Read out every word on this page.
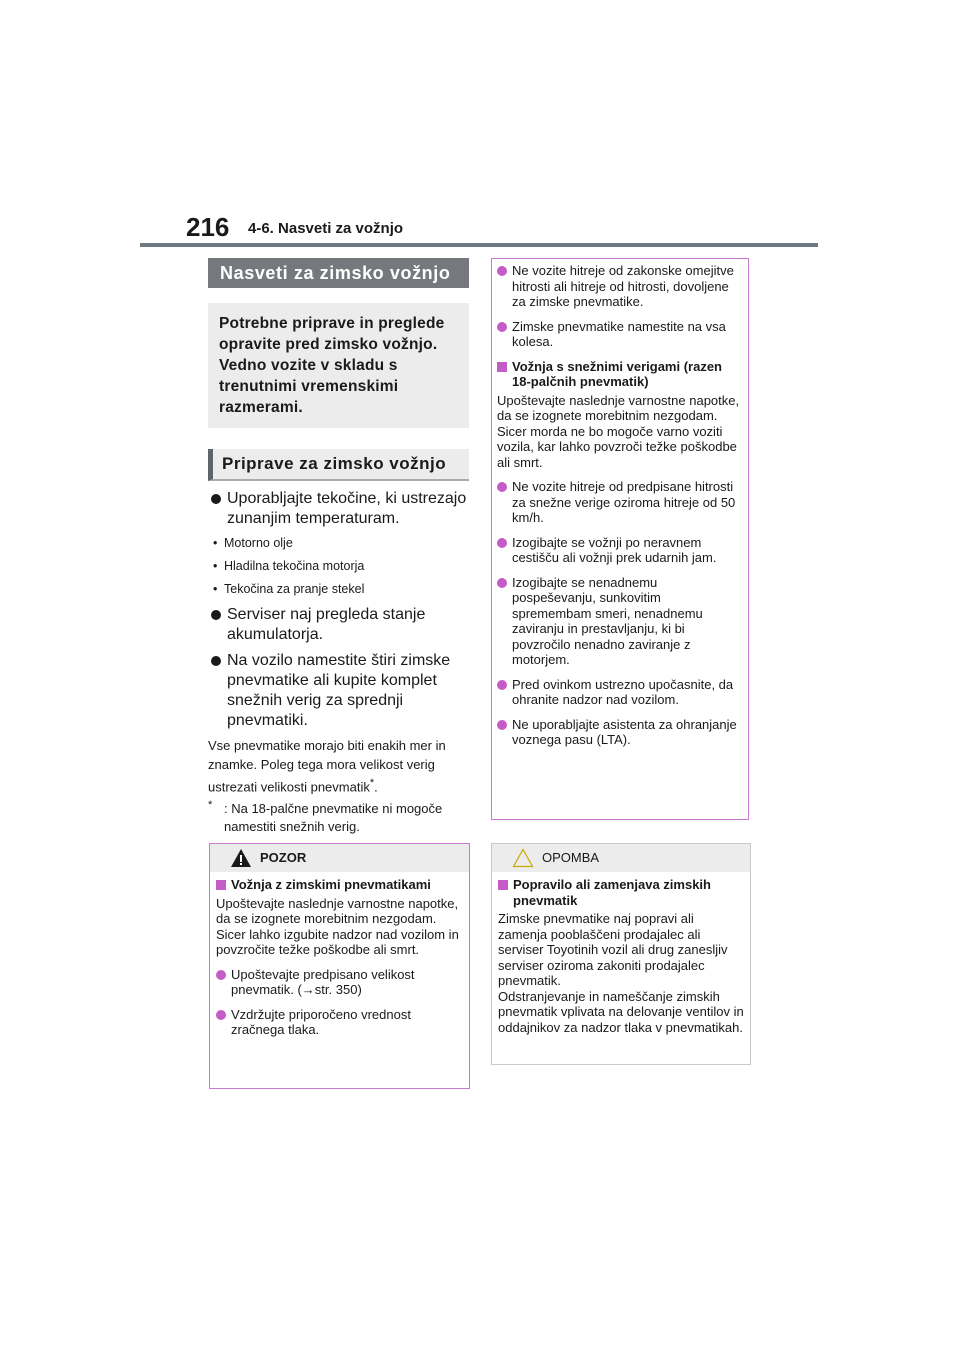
216 4-6. Nasveti za vožnjo
Nasveti za zimsko vožnjo
Potrebne priprave in preglede opravite pred zimsko vožnjo. Vedno vozite v skladu s trenutnimi vremenskimi razmerami.
Priprave za zimsko vožnjo
Uporabljajte tekočine, ki ustrezajo zunanjim temperaturam.
• Motorno olje
• Hladilna tekočina motorja
• Tekočina za pranje stekel
Serviser naj pregleda stanje akumulatorja.
Na vozilo namestite štiri zimske pnevmatike ali kupite komplet snežnih verig za sprednji pnevmatiki.
Vse pnevmatike morajo biti enakih mer in znamke. Poleg tega mora velikost verig ustrezati velikosti pnevmatik*.
* : Na 18-palčne pnevmatike ni mogoče namestiti snežnih verig.
POZOR
Vožnja z zimskimi pnevmatikami
Upoštevajte naslednje varnostne napotke, da se izognete morebitnim nezgodam.
Sicer lahko izgubite nadzor nad vozilom in povzročite težke poškodbe ali smrt.
Upoštevajte predpisano velikost pnevmatik. (→str. 350)
Vzdržujte priporočeno vrednost zračnega tlaka.
Ne vozite hitreje od zakonske omejitve hitrosti ali hitreje od hitrosti, dovoljene za zimske pnevmatike.
Zimske pnevmatike namestite na vsa kolesa.
Vožnja s snežnimi verigami (razen 18-palčnih pnevmatik)
Upoštevajte naslednje varnostne napotke, da se izognete morebitnim nezgodam.
Sicer morda ne bo mogoče varno voziti vozila, kar lahko povzroči težke poškodbe ali smrt.
Ne vozite hitreje od predpisane hitrosti za snežne verige oziroma hitreje od 50 km/h.
Izogibajte se vožnji po neravnem cestišču ali vožnji prek udarnih jam.
Izogibajte se nenadnemu pospeševanju, sunkovitim spremembam smeri, nenadnemu zaviranju in prestavljanju, ki bi povzročilo nenadno zaviranje z motorjem.
Pred ovinkom ustrezno upočasnite, da ohranite nadzor nad vozilom.
Ne uporabljajte asistenta za ohranjanje voznega pasu (LTA).
OPOMBA
Popravilo ali zamenjava zimskih pnevmatik
Zimske pnevmatike naj popravi ali zamenja pooblaščeni prodajalec ali serviser Toyotinih vozil ali drug zanesljiv serviser oziroma zakoniti prodajalec pnevmatik.
Odstranjevanje in nameščanje zimskih pnevmatik vplivata na delovanje ventilov in oddajnikov za nadzor tlaka v pnevmatikah.
